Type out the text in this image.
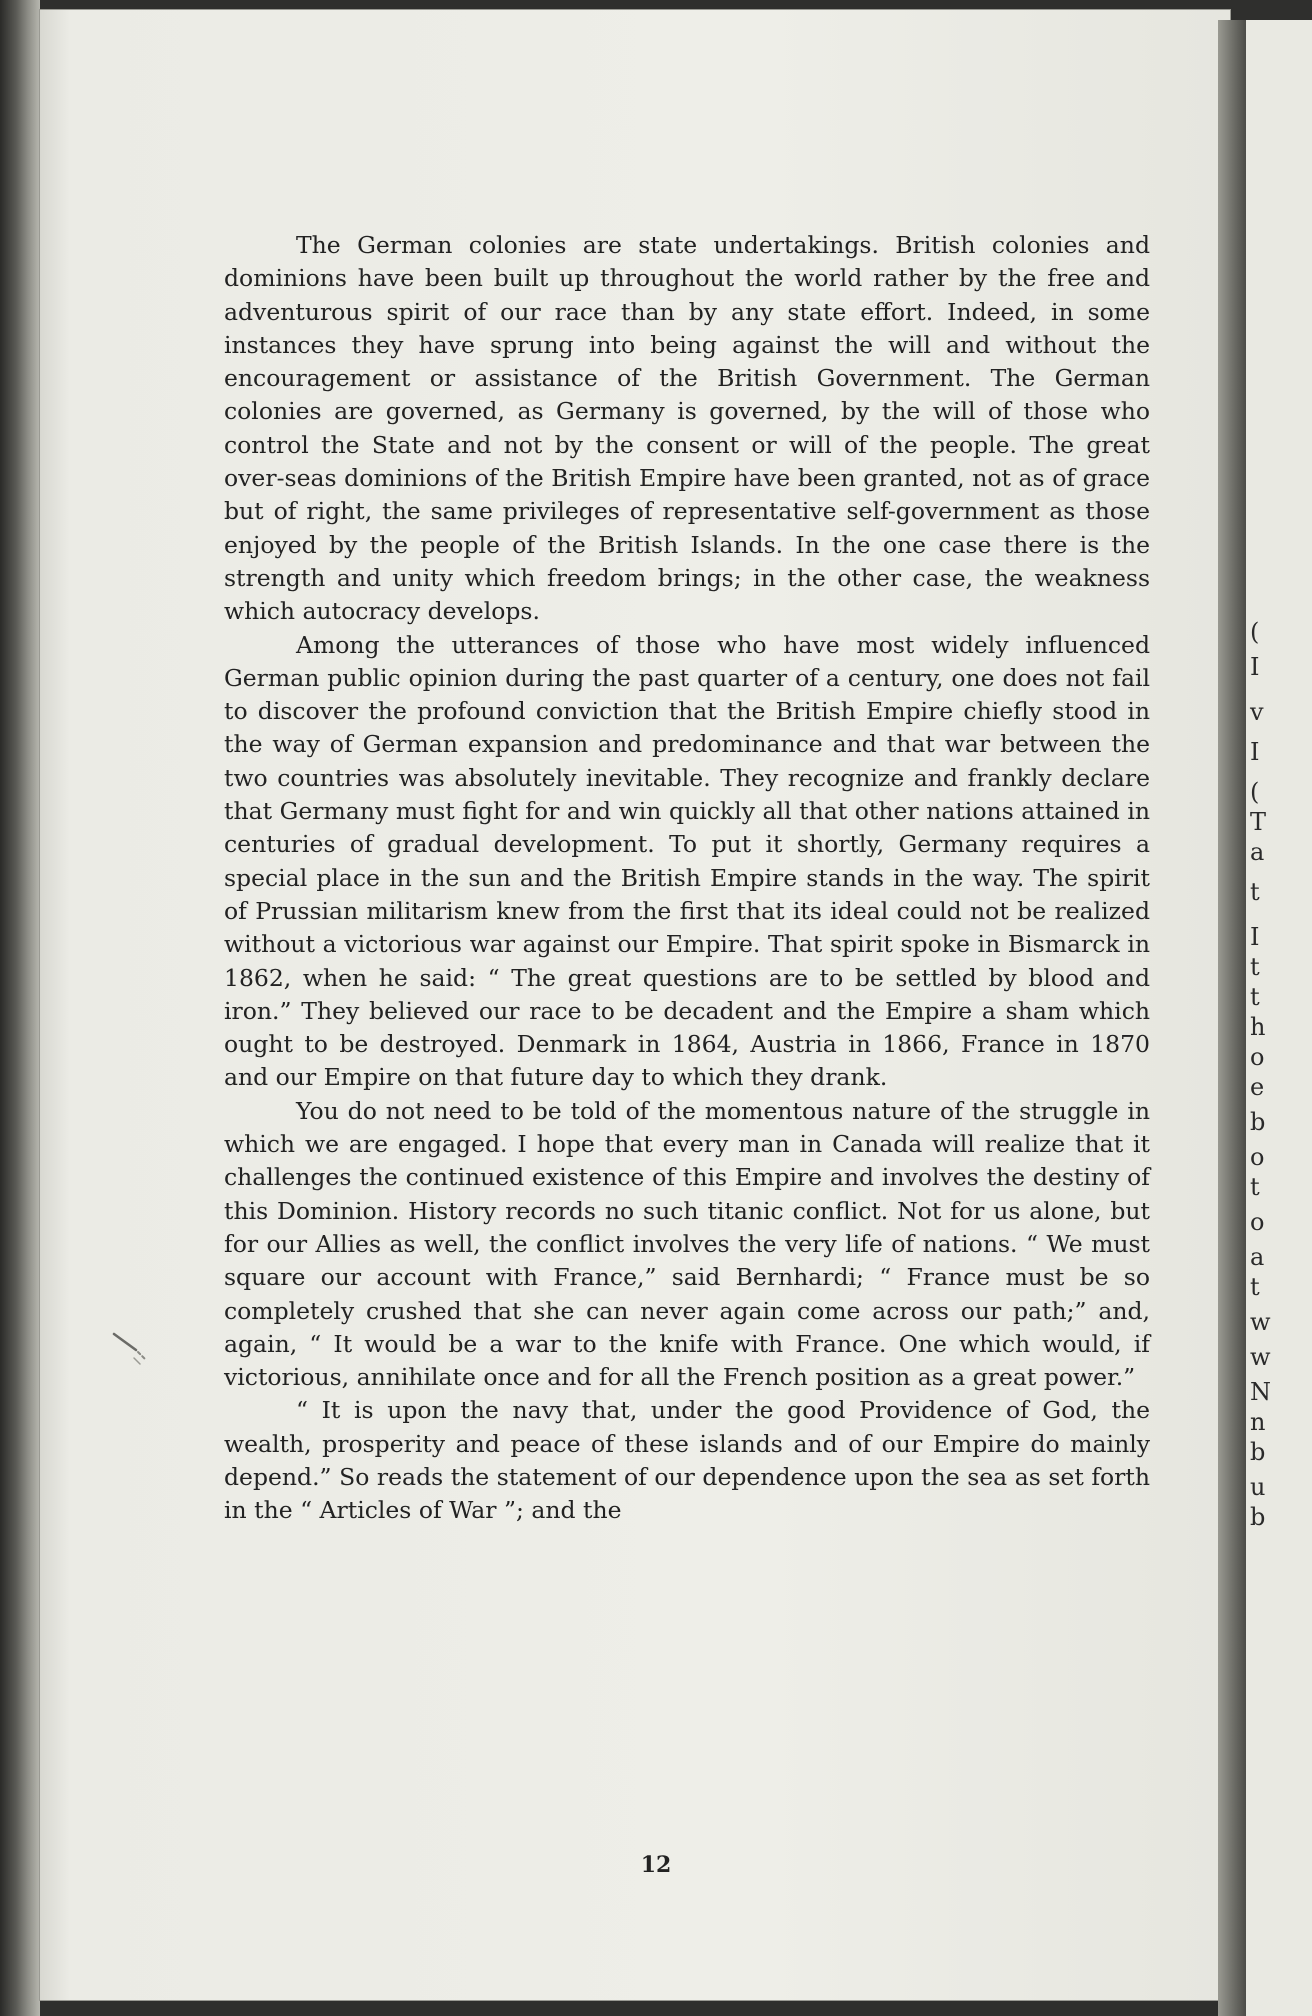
(
I
v
I
(
T
a
t
I
t
t
h
o
e
b
o
t
o
a
t
w
w
N
n
b
u
b

The German colonies are state undertakings. British colonies and dominions have been built up throughout the world rather by the free and adventurous spirit of our race than by any state effort. Indeed, in some instances they have sprung into being against the will and without the encouragement or assistance of the British Government. The German colonies are governed, as Germany is governed, by the will of those who control the State and not by the consent or will of the people. The great over-seas dominions of the British Empire have been granted, not as of grace but of right, the same privileges of representative self-government as those enjoyed by the people of the British Islands. In the one case there is the strength and unity which freedom brings; in the other case, the weakness which autocracy develops.

Among the utterances of those who have most widely influenced German public opinion during the past quarter of a century, one does not fail to discover the profound conviction that the British Empire chiefly stood in the way of German expansion and predominance and that war between the two countries was absolutely inevitable. They recognize and frankly declare that Germany must fight for and win quickly all that other nations attained in centuries of gradual development. To put it shortly, Germany requires a special place in the sun and the British Empire stands in the way. The spirit of Prussian militarism knew from the first that its ideal could not be realized without a victorious war against our Empire. That spirit spoke in Bismarck in 1862, when he said: “ The great questions are to be settled by blood and iron.” They believed our race to be decadent and the Empire a sham which ought to be destroyed. Denmark in 1864, Austria in 1866, France in 1870 and our Empire on that future day to which they drank.

You do not need to be told of the momentous nature of the struggle in which we are engaged. I hope that every man in Canada will realize that it challenges the continued existence of this Empire and involves the destiny of this Dominion. History records no such titanic conflict. Not for us alone, but for our Allies as well, the conflict involves the very life of nations. “ We must square our account with France,” said Bernhardi; “ France must be so completely crushed that she can never again come across our path;” and, again, “ It would be a war to the knife with France. One which would, if victorious, annihilate once and for all the French position as a great power.”

“ It is upon the navy that, under the good Providence of God, the wealth, prosperity and peace of these islands and of our Empire do mainly depend.” So reads the statement of our dependence upon the sea as set forth in the “ Articles of War ”; and the

12
